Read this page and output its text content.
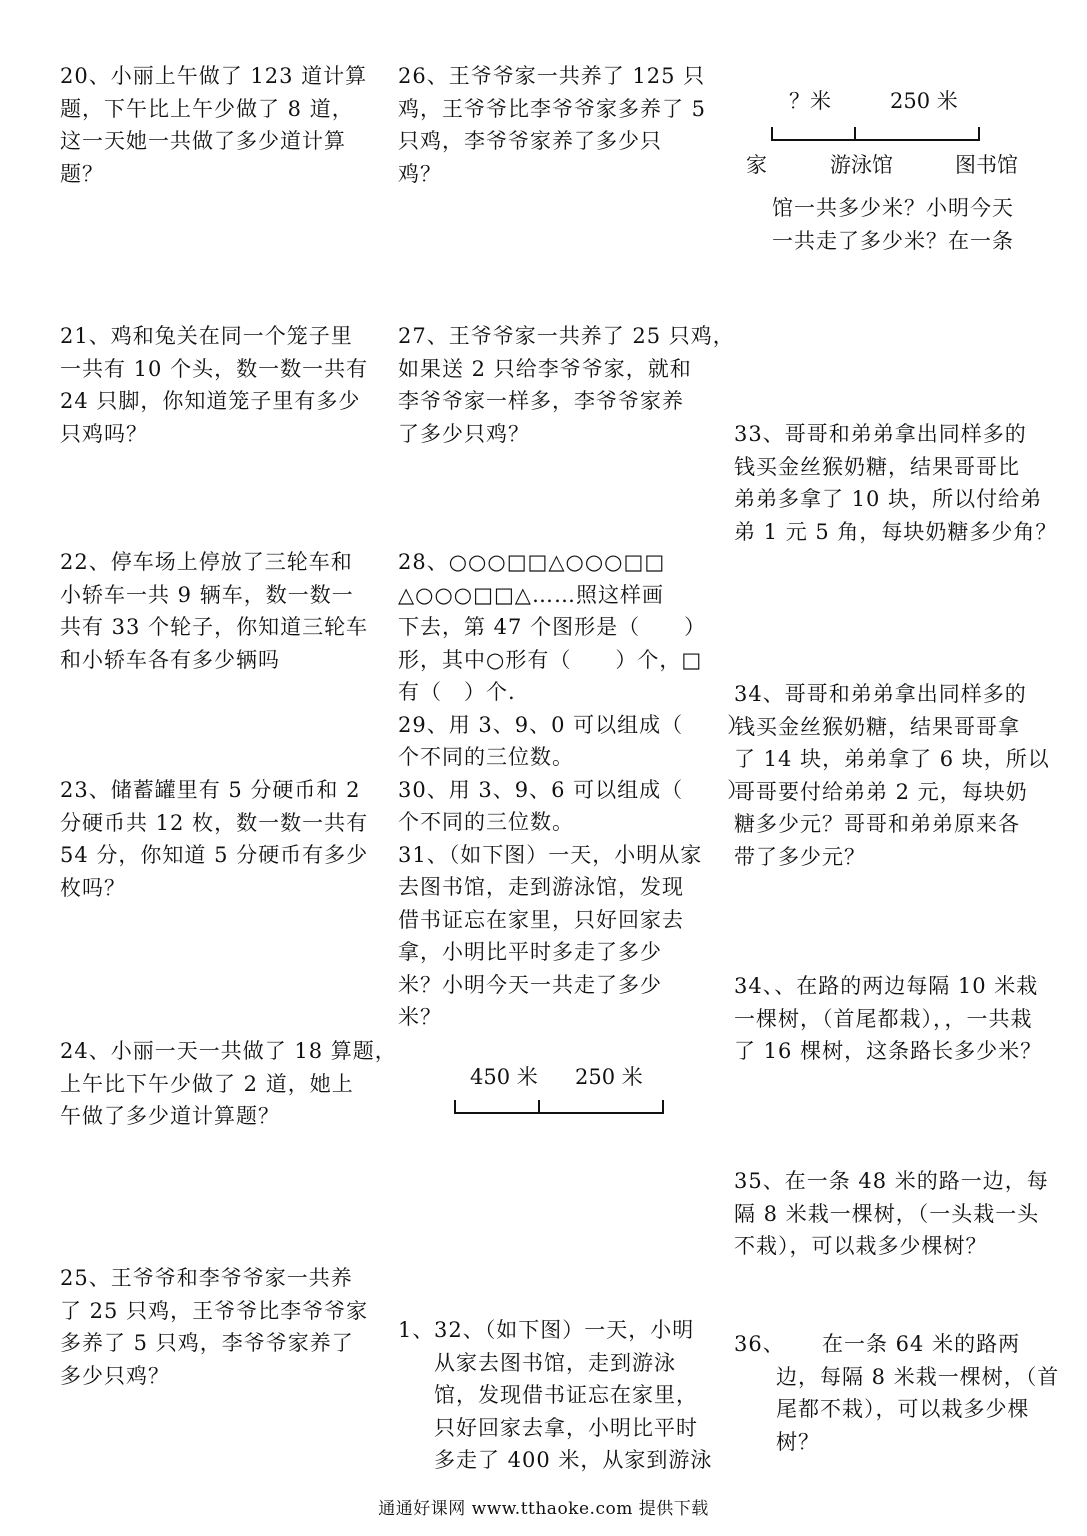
20、小丽上午做了 123 道计算
题，下午比上午少做了 8 道，
这一天她一共做了多少道计算
题？

21、鸡和兔关在同一个笼子里
一共有 10 个头，数一数一共有
24 只脚，你知道笼子里有多少
只鸡吗？

22、停车场上停放了三轮车和
小轿车一共 9 辆车，数一数一
共有 33 个轮子，你知道三轮车
和小轿车各有多少辆吗

23、储蓄罐里有 5 分硬币和 2
分硬币共 12 枚，数一数一共有
54 分，你知道 5 分硬币有多少
枚吗？

24、小丽一天一共做了 18 算题，
上午比下午少做了 2 道，她上
午做了多少道计算题？

25、王爷爷和李爷爷家一共养
了 25 只鸡，王爷爷比李爷爷家
多养了 5 只鸡，李爷爷家养了
多少只鸡？

26、王爷爷家一共养了 125 只
鸡，王爷爷比李爷爷家多养了 5
只鸡，李爷爷家养了多少只
鸡？

27、王爷爷家一共养了 25 只鸡，
如果送 2 只给李爷爷家，就和
李爷爷家一样多，李爷爷家养
了多少只鸡？

28、○○○□□△○○○□□
△○○○□□△……照这样画
下去，第 47 个图形是（　　）
形，其中○形有（　　）个，□
有（　）个.
29、用 3、9、0 可以组成（　　）
个不同的三位数。
30、用 3、9、6 可以组成（　　）
个不同的三位数。
31、（如下图）一天，小明从家
去图书馆，走到游泳馆，发现
借书证忘在家里，只好回家去
拿，小明比平时多走了多少
米？小明今天一共走了多少
米？

450 米 250 米
1、 32、（如下图）一天，小明
从家去图书馆，走到游泳
馆，发现借书证忘在家里，
只好回家去拿，小明比平时
多走了 400 米，从家到游泳

？米	250 米
家	游泳馆	图书馆

馆一共多少米？小明今天
一共走了多少米？在一条

33、哥哥和弟弟拿出同样多的
钱买金丝猴奶糖，结果哥哥比
弟弟多拿了 10 块，所以付给弟
弟 1 元 5 角，每块奶糖多少角？

34、哥哥和弟弟拿出同样多的
钱买金丝猴奶糖，结果哥哥拿
了 14 块，弟弟拿了 6 块，所以
哥哥要付给弟弟 2 元，每块奶
糖多少元？哥哥和弟弟原来各
带了多少元？

34、、在路的两边每隔 10 米栽
一棵树，（首尾都栽），，一共栽
了 16 棵树，这条路长多少米？

35、在一条 48 米的路一边，每
隔 8 米栽一棵树，（一头栽一头
不栽），可以栽多少棵树？

36、	在一条 64 米的路两
边，每隔 8 米栽一棵树，（首
尾都不栽），可以栽多少棵
树？

通通好课网 www.tthaoke.com 提供下载
